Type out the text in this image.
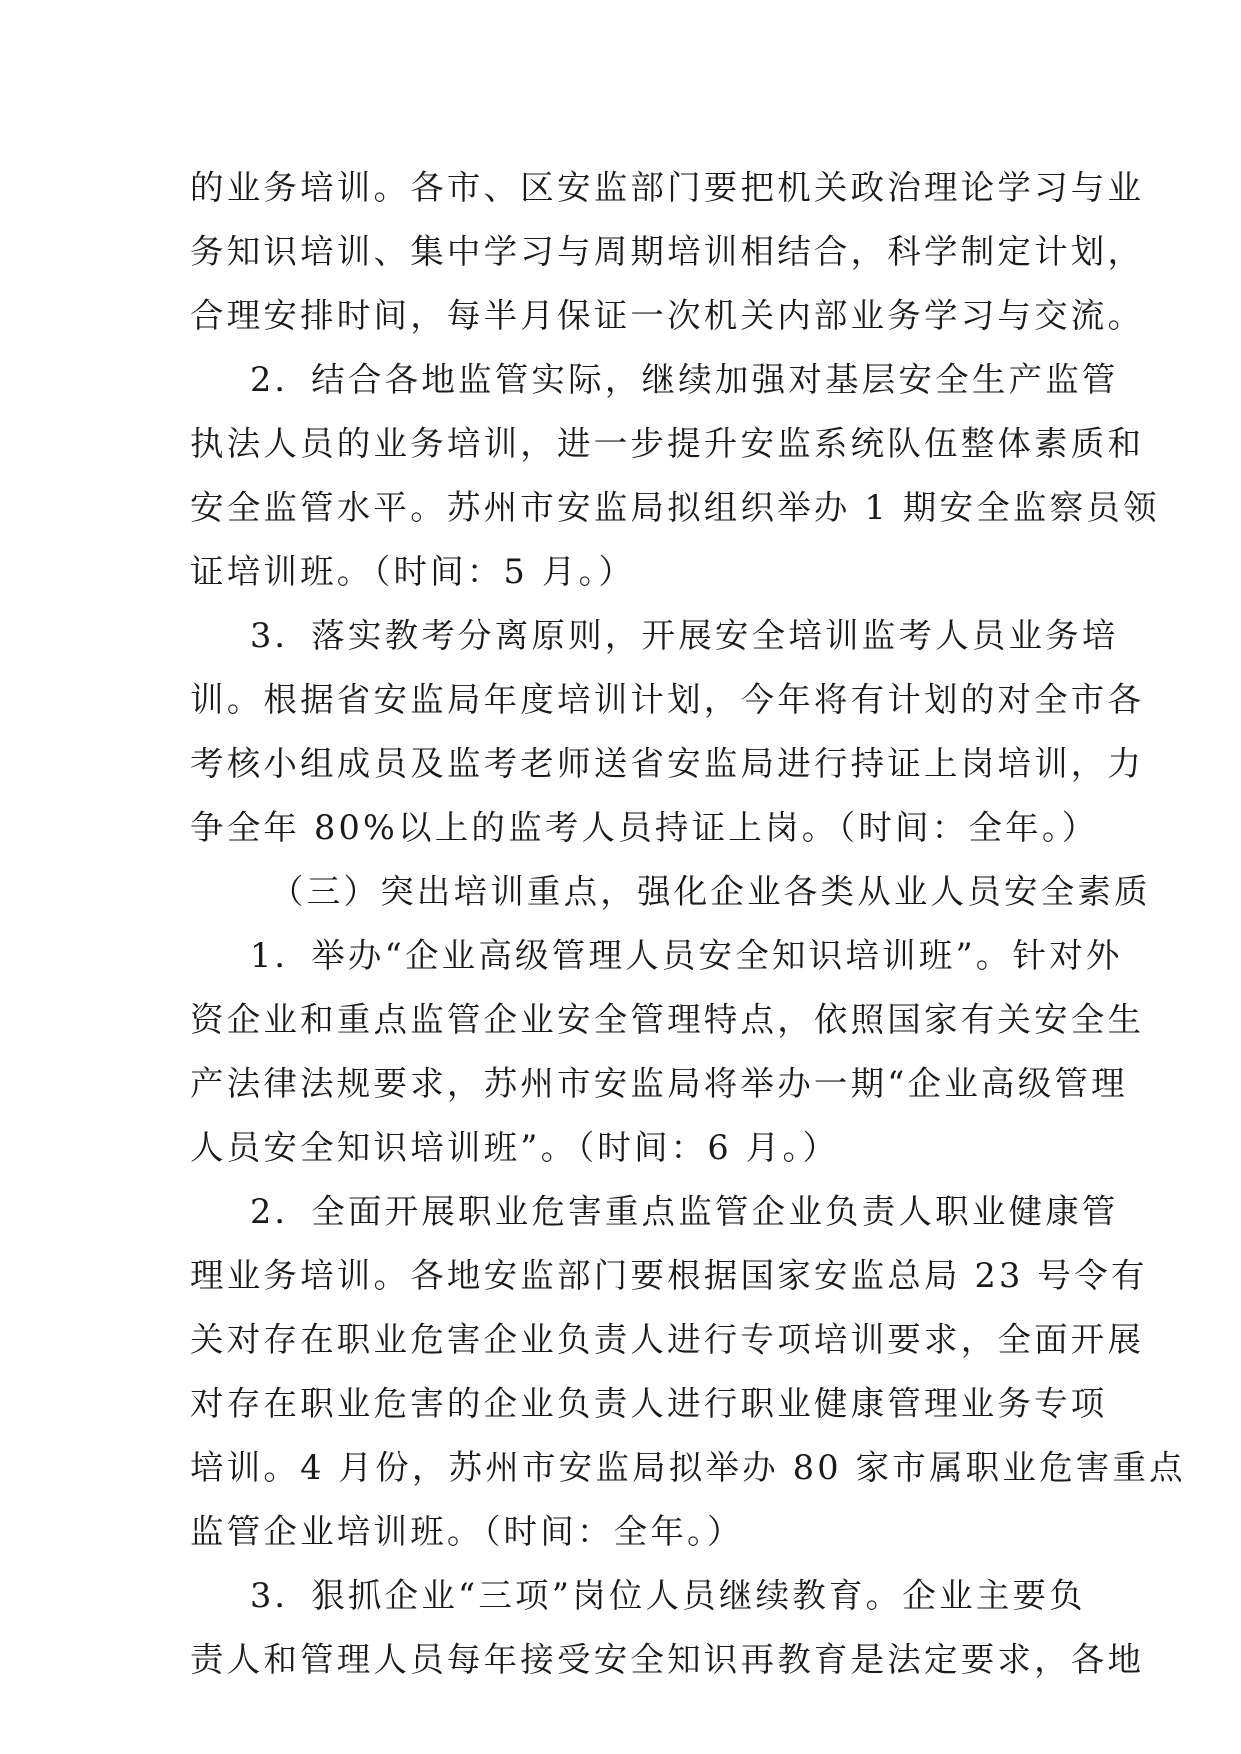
的业务培训。各市、区安监部门要把机关政治理论学习与业
务知识培训、集中学习与周期培训相结合，科学制定计划，
合理安排时间，每半月保证一次机关内部业务学习与交流。
2．结合各地监管实际，继续加强对基层安全生产监管
执法人员的业务培训，进一步提升安监系统队伍整体素质和
安全监管水平。苏州市安监局拟组织举办 1 期安全监察员领
证培训班。（时间：5 月。）
3．落实教考分离原则，开展安全培训监考人员业务培
训。根据省安监局年度培训计划，今年将有计划的对全市各
考核小组成员及监考老师送省安监局进行持证上岗培训，力
争全年 80%以上的监考人员持证上岗。（时间：全年。）
（三）突出培训重点，强化企业各类从业人员安全素质
1．举办“企业高级管理人员安全知识培训班”。针对外
资企业和重点监管企业安全管理特点，依照国家有关安全生
产法律法规要求，苏州市安监局将举办一期“企业高级管理
人员安全知识培训班”。（时间：6 月。）
2．全面开展职业危害重点监管企业负责人职业健康管
理业务培训。各地安监部门要根据国家安监总局 23 号令有
关对存在职业危害企业负责人进行专项培训要求，全面开展
对存在职业危害的企业负责人进行职业健康管理业务专项
培训。4 月份，苏州市安监局拟举办 80 家市属职业危害重点
监管企业培训班。（时间：全年。）
3．狠抓企业“三项”岗位人员继续教育。企业主要负
责人和管理人员每年接受安全知识再教育是法定要求，各地
